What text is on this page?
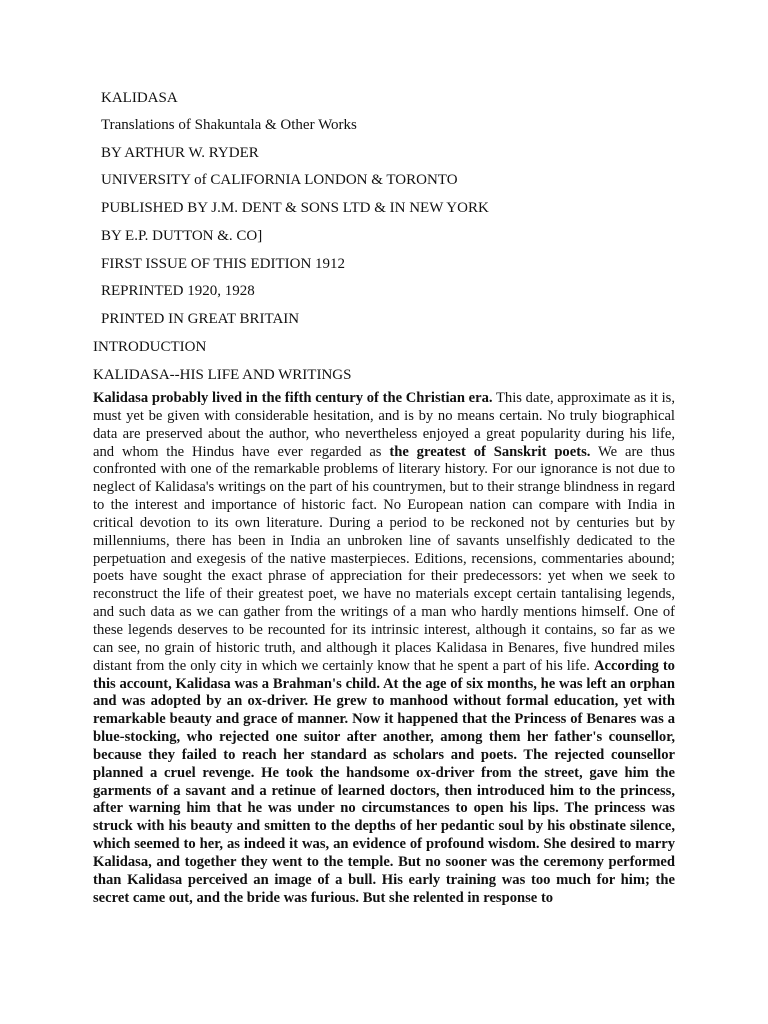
KALIDASA
Translations of Shakuntala & Other Works
BY ARTHUR W. RYDER
UNIVERSITY of CALIFORNIA LONDON & TORONTO
PUBLISHED BY J.M. DENT & SONS LTD & IN NEW YORK
BY E.P. DUTTON &. CO]
FIRST ISSUE OF THIS EDITION 1912
REPRINTED 1920, 1928
PRINTED IN GREAT BRITAIN
INTRODUCTION
KALIDASA--HIS LIFE AND WRITINGS

Kalidasa probably lived in the fifth century of the Christian era. This date, approximate as it is, must yet be given with considerable hesitation, and is by no means certain. No truly biographical data are preserved about the author, who nevertheless enjoyed a great popularity during his life, and whom the Hindus have ever regarded as the greatest of Sanskrit poets. We are thus confronted with one of the remarkable problems of literary history. For our ignorance is not due to neglect of Kalidasa's writings on the part of his countrymen, but to their strange blindness in regard to the interest and importance of historic fact. No European nation can compare with India in critical devotion to its own literature. During a period to be reckoned not by centuries but by millenniums, there has been in India an unbroken line of savants unselfishly dedicated to the perpetuation and exegesis of the native masterpieces. Editions, recensions, commentaries abound; poets have sought the exact phrase of appreciation for their predecessors: yet when we seek to reconstruct the life of their greatest poet, we have no materials except certain tantalising legends, and such data as we can gather from the writings of a man who hardly mentions himself. One of these legends deserves to be recounted for its intrinsic interest, although it contains, so far as we can see, no grain of historic truth, and although it places Kalidasa in Benares, five hundred miles distant from the only city in which we certainly know that he spent a part of his life. According to this account, Kalidasa was a Brahman's child. At the age of six months, he was left an orphan and was adopted by an ox-driver. He grew to manhood without formal education, yet with remarkable beauty and grace of manner. Now it happened that the Princess of Benares was a blue-stocking, who rejected one suitor after another, among them her father's counsellor, because they failed to reach her standard as scholars and poets. The rejected counsellor planned a cruel revenge. He took the handsome ox-driver from the street, gave him the garments of a savant and a retinue of learned doctors, then introduced him to the princess, after warning him that he was under no circumstances to open his lips. The princess was struck with his beauty and smitten to the depths of her pedantic soul by his obstinate silence, which seemed to her, as indeed it was, an evidence of profound wisdom. She desired to marry Kalidasa, and together they went to the temple. But no sooner was the ceremony performed than Kalidasa perceived an image of a bull. His early training was too much for him; the secret came out, and the bride was furious. But she relented in response to
